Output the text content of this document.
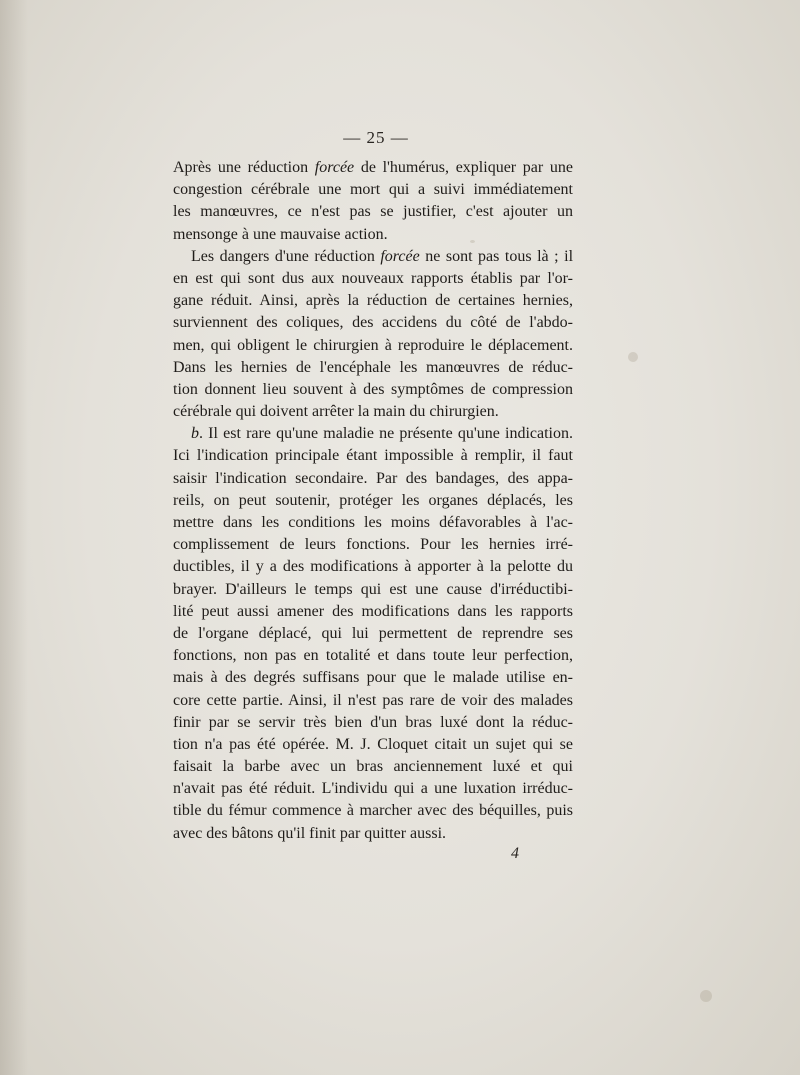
— 25 —
Après une réduction forcée de l'humérus, expliquer par une
congestion cérébrale une mort qui a suivi immédiatement
les manœuvres, ce n'est pas se justifier, c'est ajouter un
mensonge à une mauvaise action.
Les dangers d'une réduction forcée ne sont pas tous là ; il
en est qui sont dus aux nouveaux rapports établis par l'or-
gane réduit. Ainsi, après la réduction de certaines hernies,
surviennent des coliques, des accidens du côté de l'abdo-
men, qui obligent le chirurgien à reproduire le déplacement.
Dans les hernies de l'encéphale les manœuvres de réduc-
tion donnent lieu souvent à des symptômes de compression
cérébrale qui doivent arrêter la main du chirurgien.
b. Il est rare qu'une maladie ne présente qu'une indication.
Ici l'indication principale étant impossible à remplir, il faut
saisir l'indication secondaire. Par des bandages, des appa-
reils, on peut soutenir, protéger les organes déplacés, les
mettre dans les conditions les moins défavorables à l'ac-
complissement de leurs fonctions. Pour les hernies irré-
ductibles, il y a des modifications à apporter à la pelotte du
brayer. D'ailleurs le temps qui est une cause d'irréductibi-
lité peut aussi amener des modifications dans les rapports
de l'organe déplacé, qui lui permettent de reprendre ses
fonctions, non pas en totalité et dans toute leur perfection,
mais à des degrés suffisans pour que le malade utilise en-
core cette partie. Ainsi, il n'est pas rare de voir des malades
finir par se servir très bien d'un bras luxé dont la réduc-
tion n'a pas été opérée. M. J. Cloquet citait un sujet qui se
faisait la barbe avec un bras anciennement luxé et qui
n'avait pas été réduit. L'individu qui a une luxation irréduc-
tible du fémur commence à marcher avec des béquilles, puis
avec des bâtons qu'il finit par quitter aussi.
4
